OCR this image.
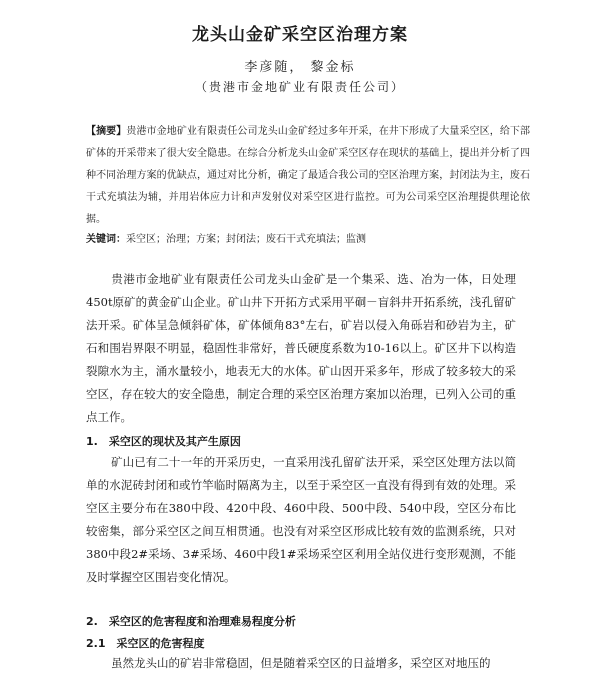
龙头山金矿采空区治理方案
李彦随， 黎金标
（贵港市金地矿业有限责任公司）
【摘要】贵港市金地矿业有限责任公司龙头山金矿经过多年开采，在井下形成了大量采空区，给下部矿体的开采带来了很大安全隐患。在综合分析龙头山金矿采空区存在现状的基础上，提出并分析了四种不同治理方案的优缺点，通过对比分析，确定了最适合我公司的空区治理方案，封闭法为主，废石干式充填法为辅，并用岩体应力计和声发射仪对采空区进行监控。可为公司采空区治理提供理论依据。
关键词：采空区；治理；方案；封闭法；废石干式充填法；监测
贵港市金地矿业有限责任公司龙头山金矿是一个集采、选、冶为一体，日处理450t原矿的黄金矿山企业。矿山井下开拓方式采用平硐－盲斜井开拓系统，浅孔留矿法开采。矿体呈急倾斜矿体，矿体倾角83°左右，矿岩以侵入角砾岩和砂岩为主，矿石和围岩界限不明显，稳固性非常好，普氏硬度系数为10-16以上。矿区井下以构造裂隙水为主，涌水量较小，地表无大的水体。矿山因开采多年，形成了较多较大的采空区，存在较大的安全隐患，制定合理的采空区治理方案加以治理，已列入公司的重点工作。
1.　采空区的现状及其产生原因
矿山已有二十一年的开采历史，一直采用浅孔留矿法开采，采空区处理方法以简单的水泥砖封闭和或竹竿临时隔离为主，以至于采空区一直没有得到有效的处理。采空区主要分布在380中段、420中段、460中段、500中段、540中段，空区分布比较密集，部分采空区之间互相贯通。也没有对采空区形成比较有效的监测系统，只对380中段2#采场、3#采场、460中段1#采场采空区利用全站仪进行变形观测，不能及时掌握空区围岩变化情况。
2.　采空区的危害程度和治理难易程度分析
2.1　采空区的危害程度
虽然龙头山的矿岩非常稳固，但是随着采空区的日益增多，采空区对地压的
